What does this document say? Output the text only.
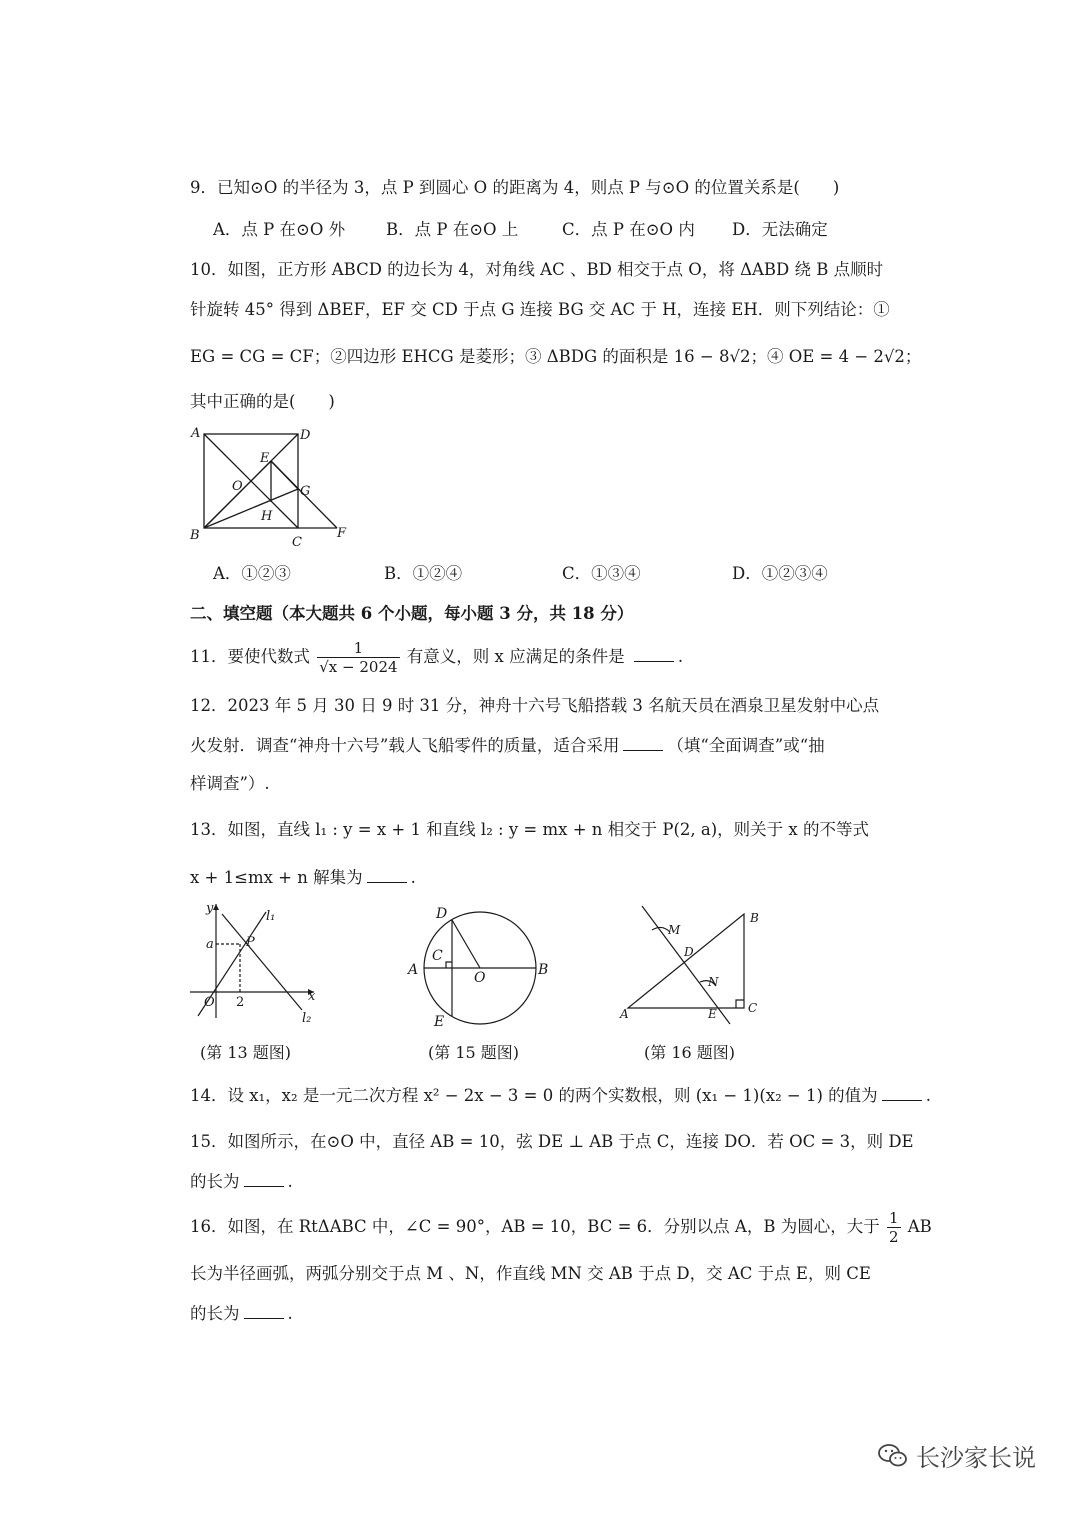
9．已知⊙O 的半径为 3，点 P 到圆心 O 的距离为 4，则点 P 与⊙O 的位置关系是(　　)
A．点 P 在⊙O 外 B．点 P 在⊙O 上	C．点 P 在⊙O 内 D．无法确定
10．如图，正方形 ABCD 的边长为 4，对角线 AC 、BD 相交于点 O，将 ΔABD 绕 B 点顺时
针旋转 45° 得到 ΔBEF，EF 交 CD 于点 G 连接 BG 交 AC 于 H，连接 EH．则下列结论：①
EG = CG = CF；②四边形 EHCG 是菱形；③ ΔBDG 的面积是 16 − 8√2；④ OE = 4 − 2√2；
其中正确的是(　　)
A	D
E
O	G
H
B	C
F
A．①②③	B．①②④	C．①③④	D．①②③④
二、填空题（本大题共 6 个小题，每小题 3 分，共 18 分）
11．要使代数式 $\frac{1}{√x - 2024}$ 有意义，则 x 应满足的条件是	.
12．2023 年 5 月 30 日 9 时 31 分，神舟十六号飞船搭载 3 名航天员在酒泉卫星发射中心点
火发射．调查“神舟十六号”载人飞船零件的质量，适合采用	（填“全面调查”或“抽
样调查”）.
13．如图，直线 l₁ : y = x + 1 和直线 l₂ : y = mx + n 相交于 P(2, a)，则关于 x 的不等式
x + 1≤mx + n 解集为	.
y
x
l₁
l₂
a P
O 2
(第 13 题图)
D
C
O
A	B
E
(第 15 题图)
M
B
D
N
A	E	C
(第 16 题图)
14．设 x₁，x₂ 是一元二次方程 x² − 2x − 3 = 0 的两个实数根，则 (x₁ − 1)(x₂ − 1) 的值为	.
15．如图所示，在⊙O 中，直径 AB = 10，弦 DE ⊥ AB 于点 C，连接 DO．若 OC = 3，则 DE
的长为	.
16．如图，在 RtΔABC 中，∠C = 90°，AB = 10，BC = 6．分别以点 A，B 为圆心，大于 $\frac{1}{2}$ AB
长为半径画弧，两弧分别交于点 M 、N，作直线 MN 交 AB 于点 D，交 AC 于点 E，则 CE
的长为	.
长沙家长说
